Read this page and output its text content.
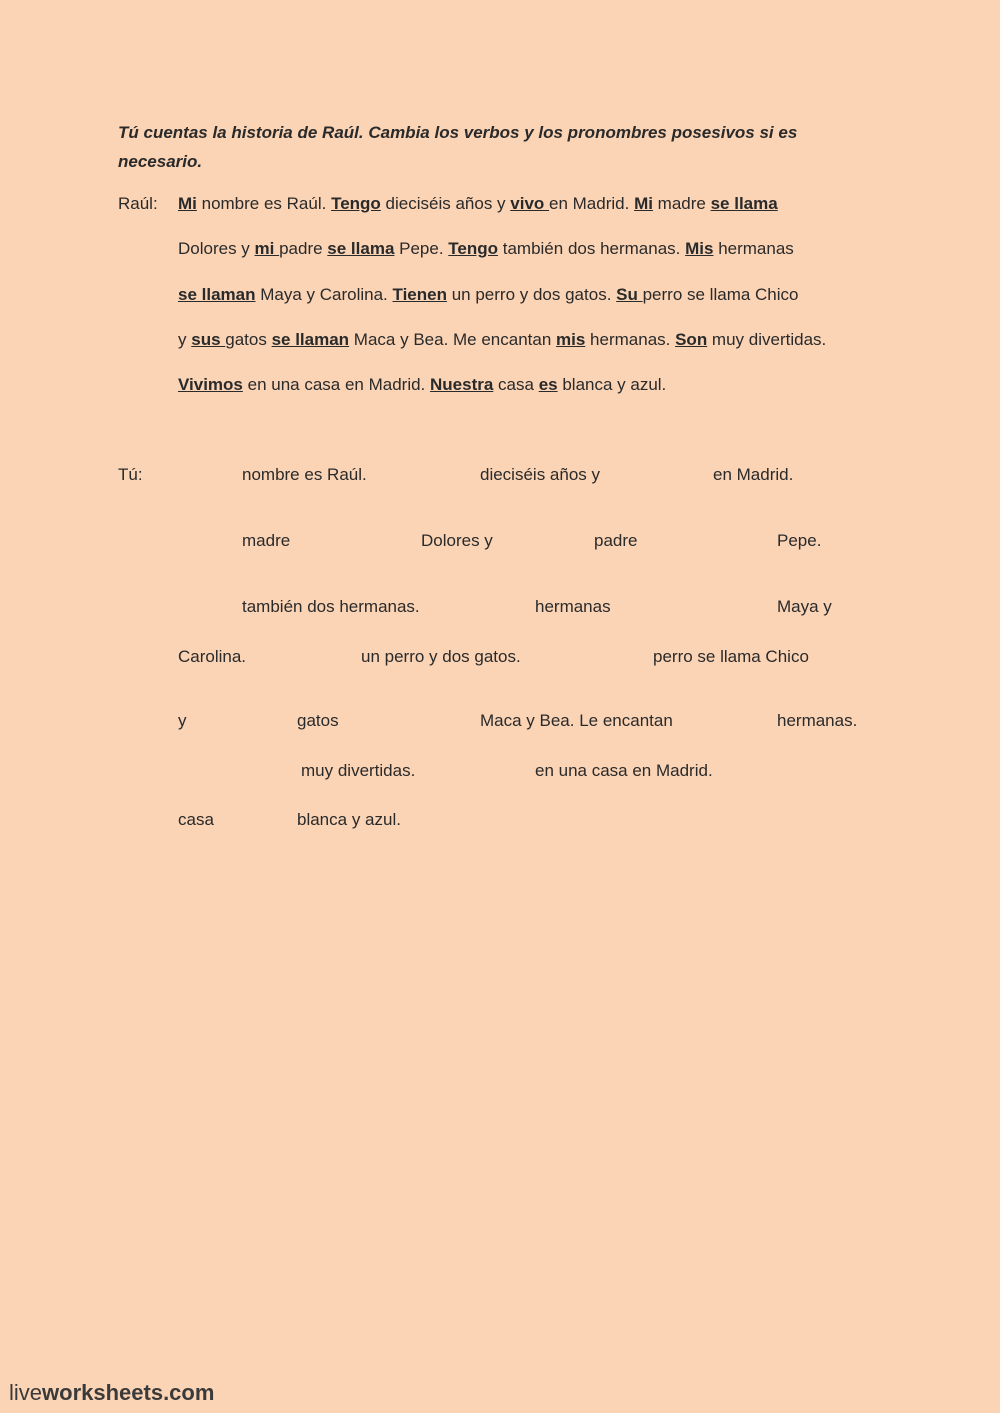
Tú cuentas la historia de Raúl. Cambia los verbos y los pronombres posesivos si es necesario.

Raúl: Mi nombre es Raúl. Tengo dieciséis años y vivo en Madrid. Mi madre se llama
Dolores y mi padre se llama Pepe. Tengo también dos hermanas. Mis hermanas
se llaman Maya y Carolina. Tienen un perro y dos gatos. Su perro se llama Chico
y sus gatos se llaman Maca y Bea. Me encantan mis hermanas. Son muy divertidas.
Vivimos en una casa en Madrid. Nuestra casa es blanca y azul.
Tú:	nombre es Raúl.	dieciséis años y	en Madrid.
madre	Dolores y	padre	Pepe.
también dos hermanas.	hermanas	Maya y
Carolina.	un perro y dos gatos.	perro se llama Chico
y	gatos	Maca y Bea. Le encantan	hermanas.
muy divertidas.	en una casa en Madrid.
casa	blanca y azul.
liveworksheets.com
